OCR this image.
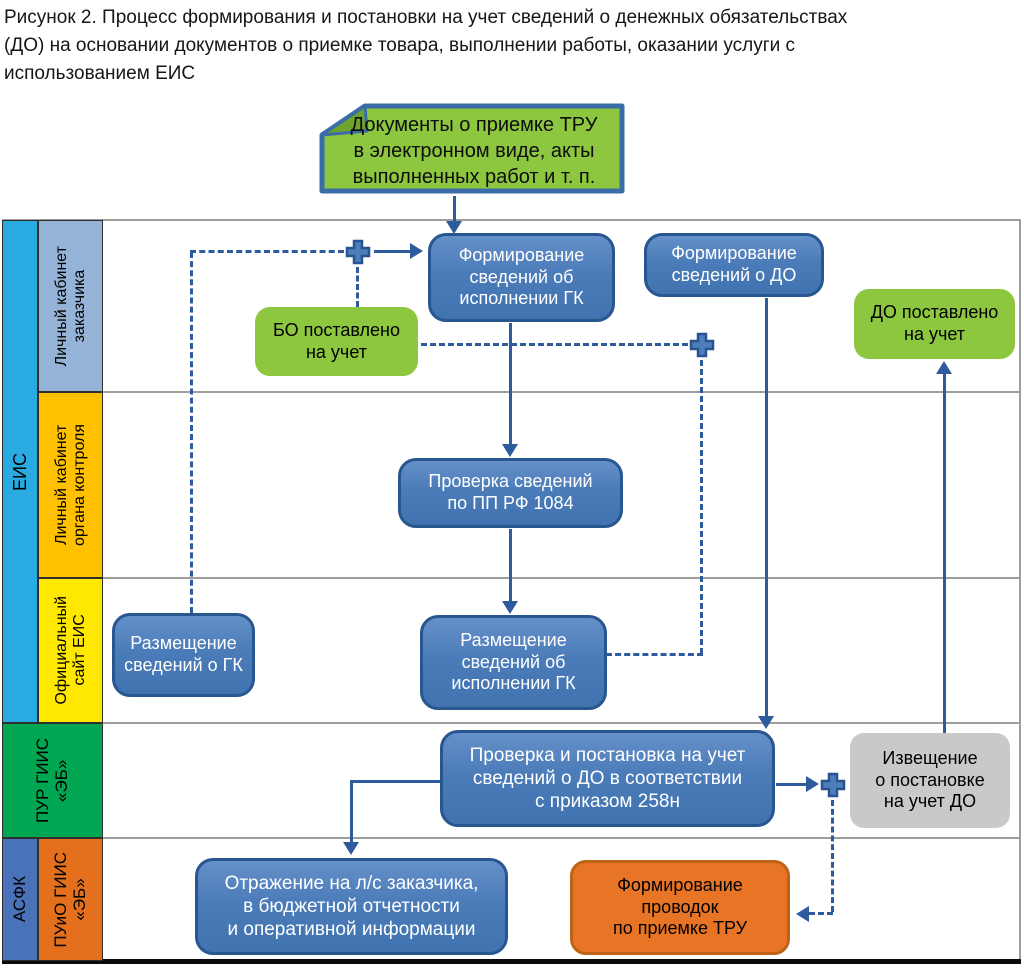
Рисунок 2. Процесс формирования и постановки на учет сведений о денежных обязательствах
(ДО) на основании документов о приемке товара, выполнении работы, оказании услуги с
использованием ЕИС
ЕИС
Личный кабинет
заказчика
Личный кабинет
органа контроля
Официальный
сайт ЕИС
ПУР ГИИС
«ЭБ»
АСФК
ПУиО ГИИС
«ЭБ»
Документы о приемке ТРУ
в электронном виде, акты
выполненных работ и т. п.
Формирование
сведений об
исполнении ГК
Формирование
сведений о ДО
БО поставлено
на учет
ДО поставлено
на учет
Проверка сведений
по ПП РФ 1084
Размещение
сведений о ГК
Размещение
сведений об
исполнении ГК
Проверка и постановка на учет
сведений о ДО в соответствии
с приказом 258н
Извещение
о постановке
на учет ДО
Отражение на л/с заказчика,
в бюджетной отчетности
и оперативной информации
Формирование
проводок
по приемке ТРУ
